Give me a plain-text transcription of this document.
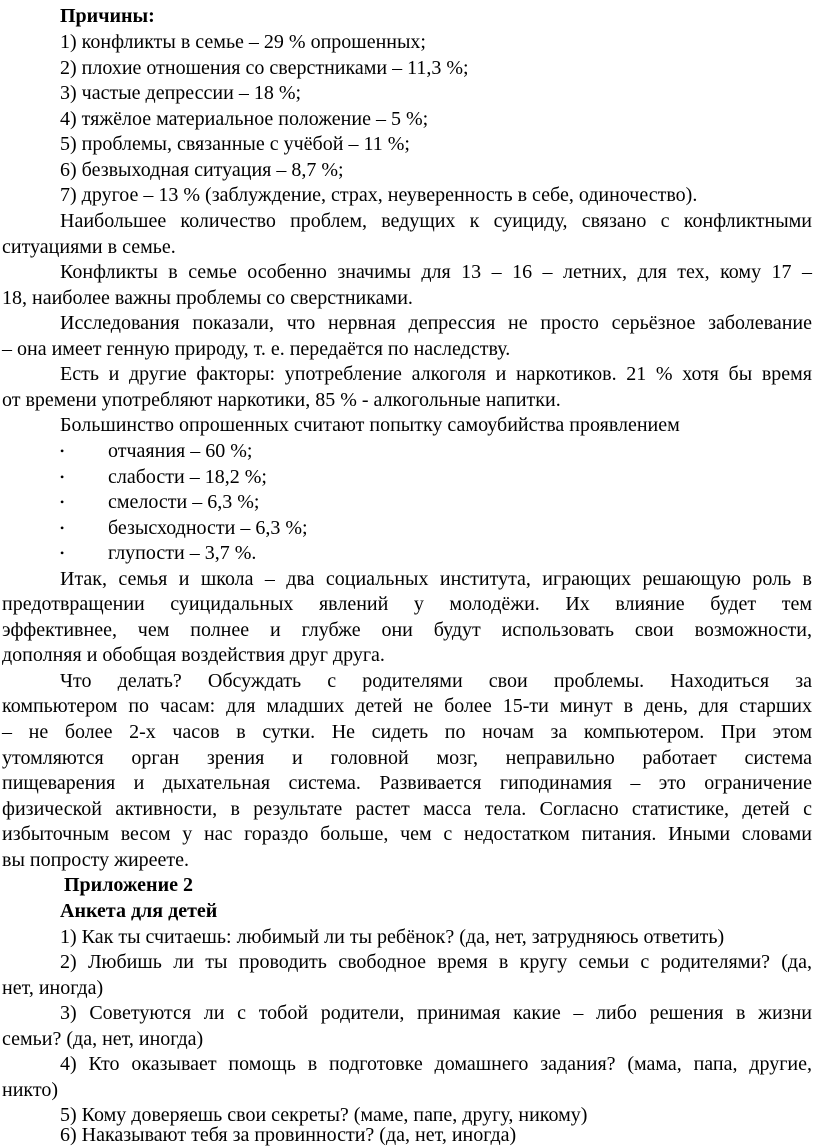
Причины:
1) конфликты в семье – 29 % опрошенных;
2) плохие отношения со сверстниками – 11,3 %;
3) частые депрессии – 18 %;
4) тяжёлое материальное положение – 5 %;
5) проблемы, связанные с учёбой – 11 %;
6) безвыходная ситуация – 8,7 %;
7) другое – 13 % (заблуждение, страх, неуверенность в себе, одиночество).
Наибольшее количество проблем, ведущих к суициду, связано с конфликтными
ситуациями в семье.
Конфликты в семье особенно значимы для 13 – 16 – летних, для тех, кому 17 –
18, наиболее важны проблемы со сверстниками.
Исследования показали, что нервная депрессия не просто серьёзное заболевание
– она имеет генную природу, т. е. передаётся по наследству.
Есть и другие факторы: употребление алкоголя и наркотиков. 21 % хотя бы время
от времени употребляют наркотики, 85 % - алкогольные напитки.
Большинство опрошенных считают попытку самоубийства проявлением
• отчаяния – 60 %;
• слабости – 18,2 %;
• смелости – 6,3 %;
• безысходности – 6,3 %;
• глупости – 3,7 %.
Итак, семья и школа – два социальных института, играющих решающую роль в
предотвращении суицидальных явлений у молодёжи. Их влияние будет тем
эффективнее, чем полнее и глубже они будут использовать свои возможности,
дополняя и обобщая воздействия друг друга.
Что делать? Обсуждать с родителями свои проблемы. Находиться за
компьютером по часам: для младших детей не более 15-ти минут в день, для старших
– не более 2-х часов в сутки. Не сидеть по ночам за компьютером. При этом
утомляются орган зрения и головной мозг, неправильно работает система
пищеварения и дыхательная система. Развивается гиподинамия – это ограничение
физической активности, в результате растет масса тела. Согласно статистике, детей с
избыточным весом у нас гораздо больше, чем с недостатком питания. Иными словами
вы попросту жиреете.
Приложение 2
Анкета для детей
1) Как ты считаешь: любимый ли ты ребёнок? (да, нет, затрудняюсь ответить)
2) Любишь ли ты проводить свободное время в кругу семьи с родителями? (да,
нет, иногда)
3) Советуются ли с тобой родители, принимая какие – либо решения в жизни
семьи? (да, нет, иногда)
4) Кто оказывает помощь в подготовке домашнего задания? (мама, папа, другие,
никто)
5) Кому доверяешь свои секреты? (маме, папе, другу, никому)
6) Наказывают тебя за провинности? (да, нет, иногда)
